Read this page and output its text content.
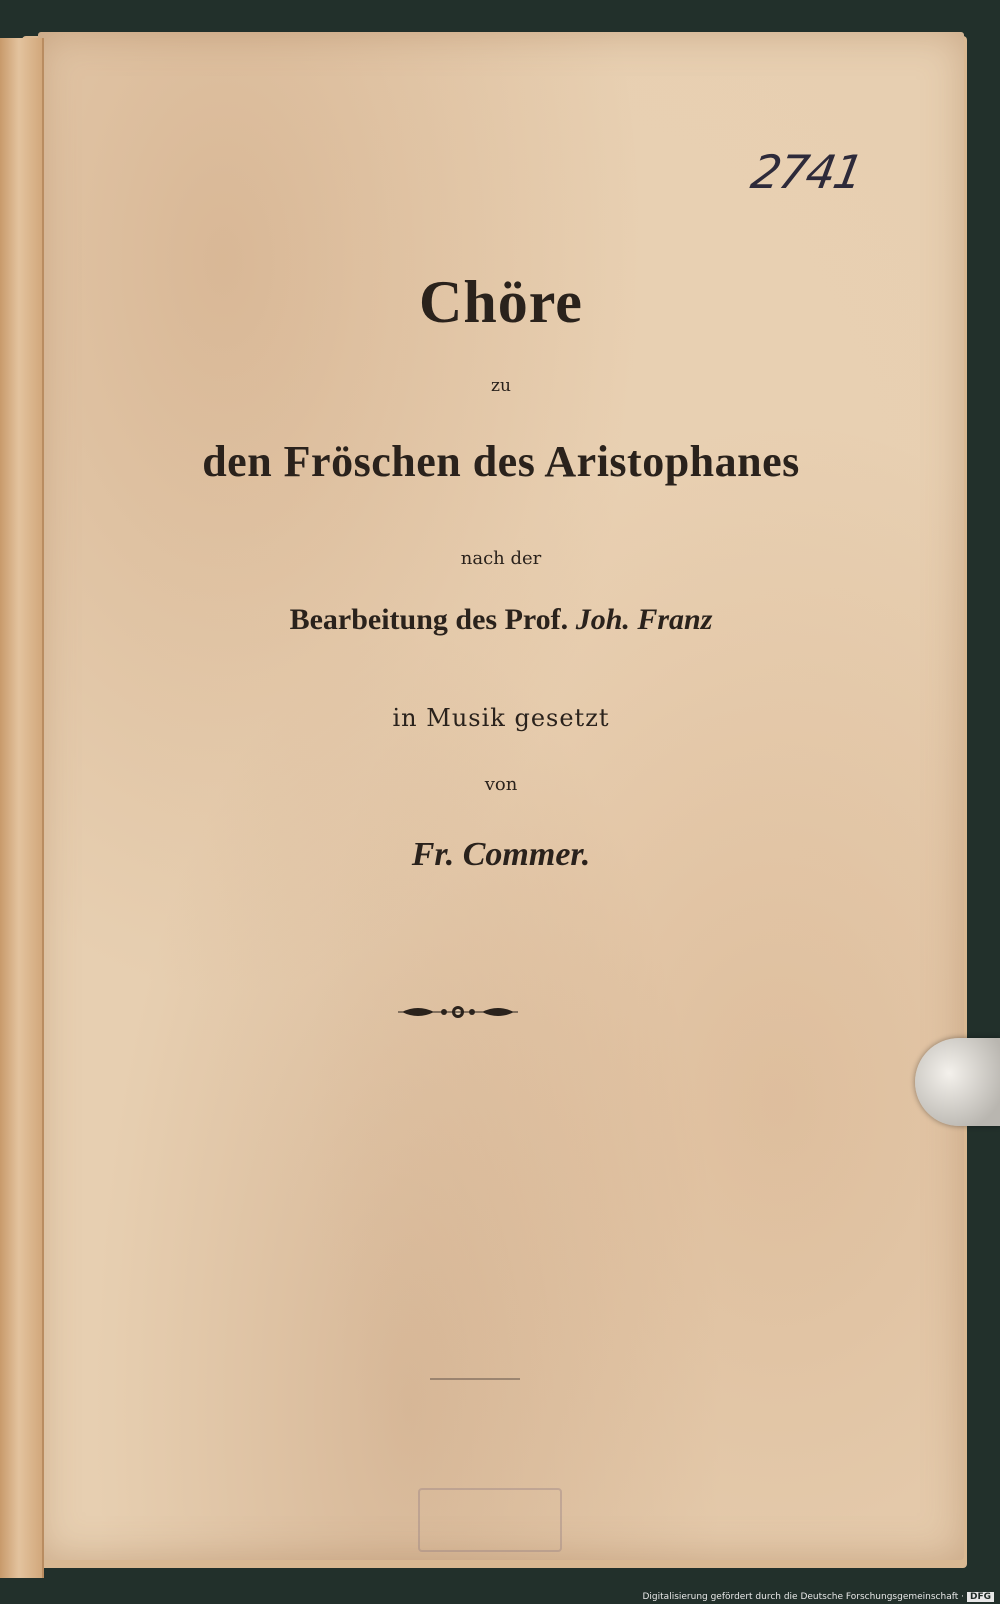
2741
Chöre
zu
den Fröschen des Aristophanes
nach der
Bearbeitung des Prof. Joh. Franz
in Musik gesetzt
von
Fr. Commer.
Digitalisierung gefördert durch die Deutsche Forschungsgemeinschaft · DFG
